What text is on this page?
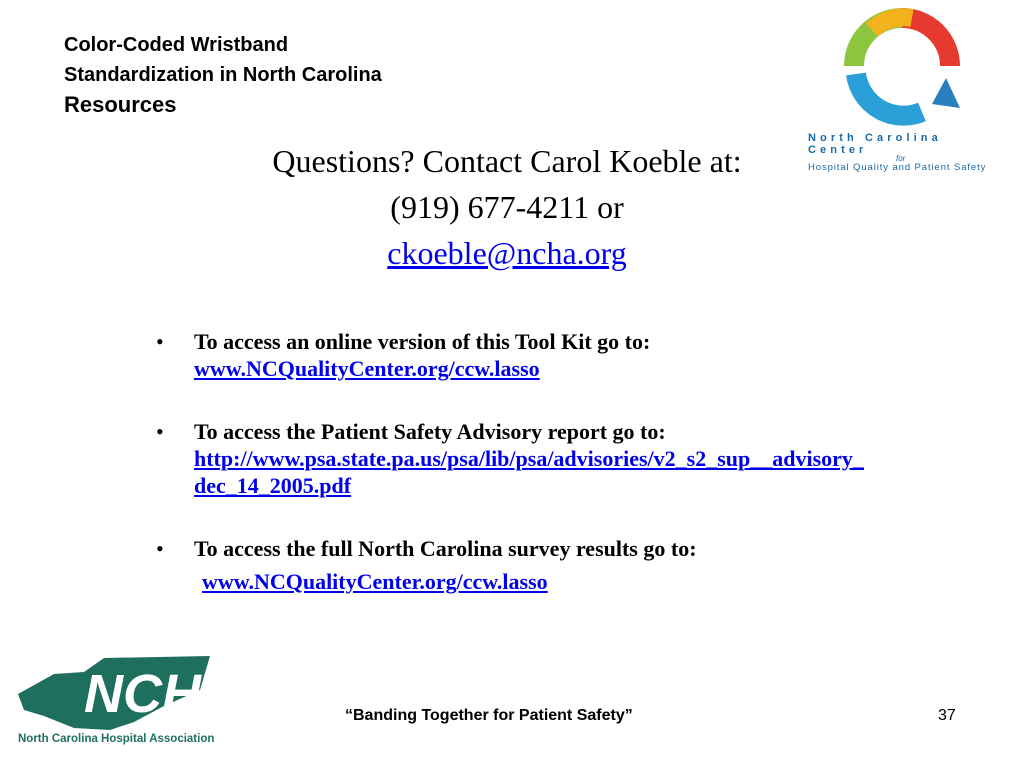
Color-Coded Wristband
Standardization in North Carolina
Resources
North Carolina Center
for
Hospital Quality and Patient Safety
Questions? Contact Carol Koeble at:
(919) 677-4211 or
ckoeble@ncha.org
• To access an online version of this Tool Kit go to:
www.NCQualityCenter.org/ccw.lasso
• To access the Patient Safety Advisory report go to:
http://www.psa.state.pa.us/psa/lib/psa/advisories/v2_s2_sup__advisory_dec_14_2005.pdf
• To access the full North Carolina survey results go to:
www.NCQualityCenter.org/ccw.lasso
NCHA
North Carolina Hospital Association
“Banding Together for Patient Safety”	37
